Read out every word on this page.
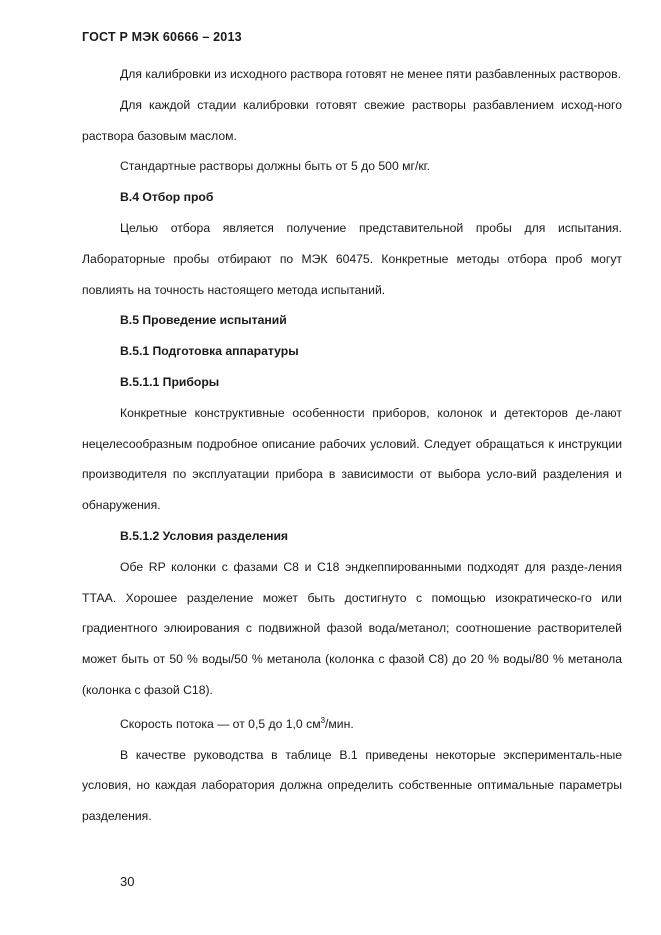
ГОСТ Р МЭК 60666 – 2013

Для калибровки из исходного раствора готовят не менее пяти разбавленных растворов.

Для каждой стадии калибровки готовят свежие растворы разбавлением исход-ного раствора базовым маслом.

Стандартные растворы должны быть от 5 до 500 мг/кг.

В.4 Отбор проб

Целью отбора является получение представительной пробы для испытания. Лабораторные пробы отбирают по МЭК 60475. Конкретные методы отбора проб могут повлиять на точность настоящего метода испытаний.

В.5 Проведение испытаний

В.5.1 Подготовка аппаратуры

В.5.1.1 Приборы

Конкретные конструктивные особенности приборов, колонок и детекторов де-лают нецелесообразным подробное описание рабочих условий. Следует обращаться к инструкции производителя по эксплуатации прибора в зависимости от выбора усло-вий разделения и обнаружения.

В.5.1.2 Условия разделения

Обе RP колонки с фазами С8 и С18 эндкеппированными подходят для разде-ления ТТАА. Хорошее разделение может быть достигнуто с помощью изократическо-го или градиентного элюирования с подвижной фазой вода/метанол; соотношение растворителей может быть от 50 % воды/50 % метанола (колонка с фазой С8) до 20 % воды/80 % метанола (колонка с фазой С18).

Скорость потока — от 0,5 до 1,0 $см^3$/мин.

В качестве руководства в таблице В.1 приведены некоторые эксперименталь-ные условия, но каждая лаборатория должна определить собственные оптимальные параметры разделения.

30
